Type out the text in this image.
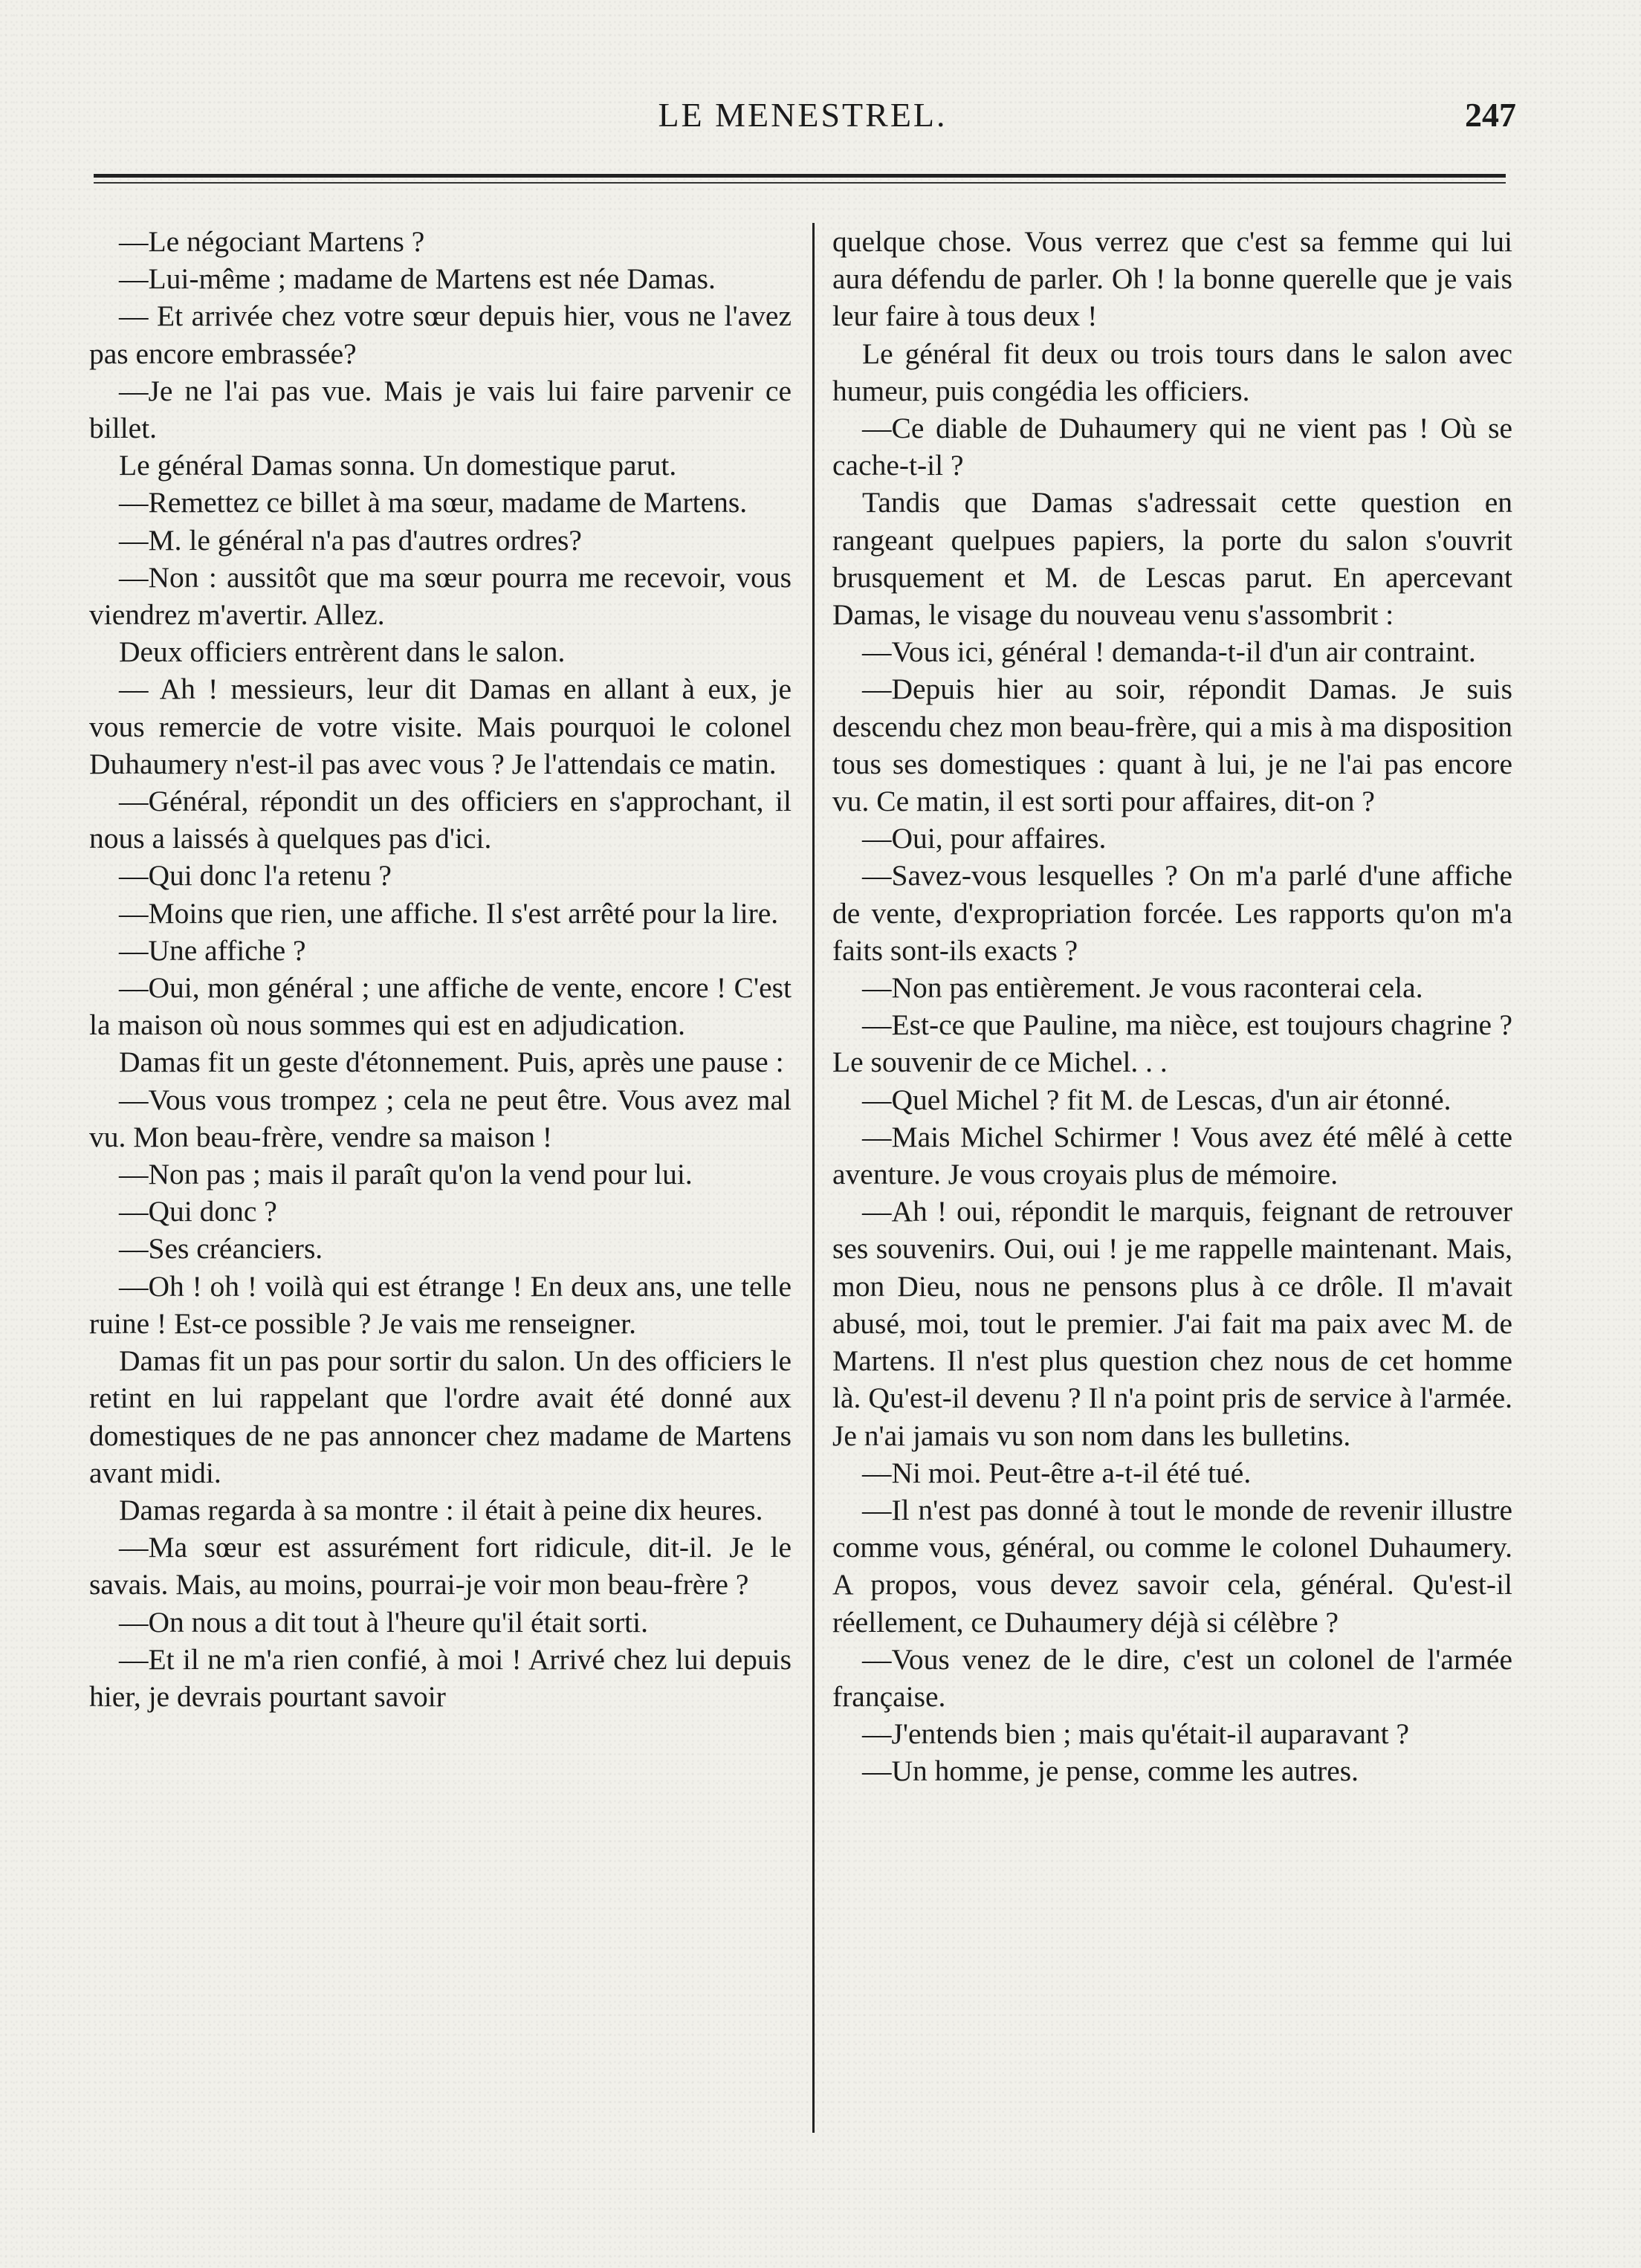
LE MENESTREL.	247

—Le négociant Martens ?

—Lui-même ; madame de Martens est née Damas.

— Et arrivée chez votre sœur depuis hier, vous ne l'avez pas encore embrassée?

—Je ne l'ai pas vue. Mais je vais lui faire parvenir ce billet.

Le général Damas sonna. Un domestique parut.

—Remettez ce billet à ma sœur, madame de Martens.

—M. le général n'a pas d'autres ordres?

—Non : aussitôt que ma sœur pourra me recevoir, vous viendrez m'avertir. Allez.

Deux officiers entrèrent dans le salon.

— Ah ! messieurs, leur dit Damas en allant à eux, je vous remercie de votre visite. Mais pourquoi le colonel Duhaumery n'est-il pas avec vous ? Je l'attendais ce matin.

—Général, répondit un des officiers en s'approchant, il nous a laissés à quelques pas d'ici.

—Qui donc l'a retenu ?

—Moins que rien, une affiche. Il s'est arrêté pour la lire.

—Une affiche ?

—Oui, mon général ; une affiche de vente, encore ! C'est la maison où nous sommes qui est en adjudication.

Damas fit un geste d'étonnement. Puis, après une pause :

—Vous vous trompez ; cela ne peut être. Vous avez mal vu. Mon beau-frère, vendre sa maison !

—Non pas ; mais il paraît qu'on la vend pour lui.

—Qui donc ?

—Ses créanciers.

—Oh ! oh ! voilà qui est étrange ! En deux ans, une telle ruine ! Est-ce possible ? Je vais me renseigner.

Damas fit un pas pour sortir du salon. Un des officiers le retint en lui rappelant que l'ordre avait été donné aux domestiques de ne pas annoncer chez madame de Martens avant midi.

Damas regarda à sa montre : il était à peine dix heures.

—Ma sœur est assurément fort ridicule, dit-il. Je le savais. Mais, au moins, pourrai-je voir mon beau-frère ?

—On nous a dit tout à l'heure qu'il était sorti.

—Et il ne m'a rien confié, à moi ! Arrivé chez lui depuis hier, je devrais pourtant savoir

quelque chose. Vous verrez que c'est sa femme qui lui aura défendu de parler. Oh ! la bonne querelle que je vais leur faire à tous deux !

Le général fit deux ou trois tours dans le salon avec humeur, puis congédia les officiers.

—Ce diable de Duhaumery qui ne vient pas ! Où se cache-t-il ?

Tandis que Damas s'adressait cette question en rangeant quelpues papiers, la porte du salon s'ouvrit brusquement et M. de Lescas parut. En apercevant Damas, le visage du nouveau venu s'assombrit :

—Vous ici, général ! demanda-t-il d'un air contraint.

—Depuis hier au soir, répondit Damas. Je suis descendu chez mon beau-frère, qui a mis à ma disposition tous ses domestiques : quant à lui, je ne l'ai pas encore vu. Ce matin, il est sorti pour affaires, dit-on ?

—Oui, pour affaires.

—Savez-vous lesquelles ? On m'a parlé d'une affiche de vente, d'expropriation forcée. Les rapports qu'on m'a faits sont-ils exacts ?

—Non pas entièrement. Je vous raconterai cela.

—Est-ce que Pauline, ma nièce, est toujours chagrine ? Le souvenir de ce Michel. . .

—Quel Michel ? fit M. de Lescas, d'un air étonné.

—Mais Michel Schirmer ! Vous avez été mêlé à cette aventure. Je vous croyais plus de mémoire.

—Ah ! oui, répondit le marquis, feignant de retrouver ses souvenirs. Oui, oui ! je me rappelle maintenant. Mais, mon Dieu, nous ne pensons plus à ce drôle. Il m'avait abusé, moi, tout le premier. J'ai fait ma paix avec M. de Martens. Il n'est plus question chez nous de cet homme là. Qu'est-il devenu ? Il n'a point pris de service à l'armée. Je n'ai jamais vu son nom dans les bulletins.

—Ni moi. Peut-être a-t-il été tué.

—Il n'est pas donné à tout le monde de revenir illustre comme vous, général, ou comme le colonel Duhaumery. A propos, vous devez savoir cela, général. Qu'est-il réellement, ce Duhaumery déjà si célèbre ?

—Vous venez de le dire, c'est un colonel de l'armée française.

—J'entends bien ; mais qu'était-il auparavant ?

—Un homme, je pense, comme les autres.
